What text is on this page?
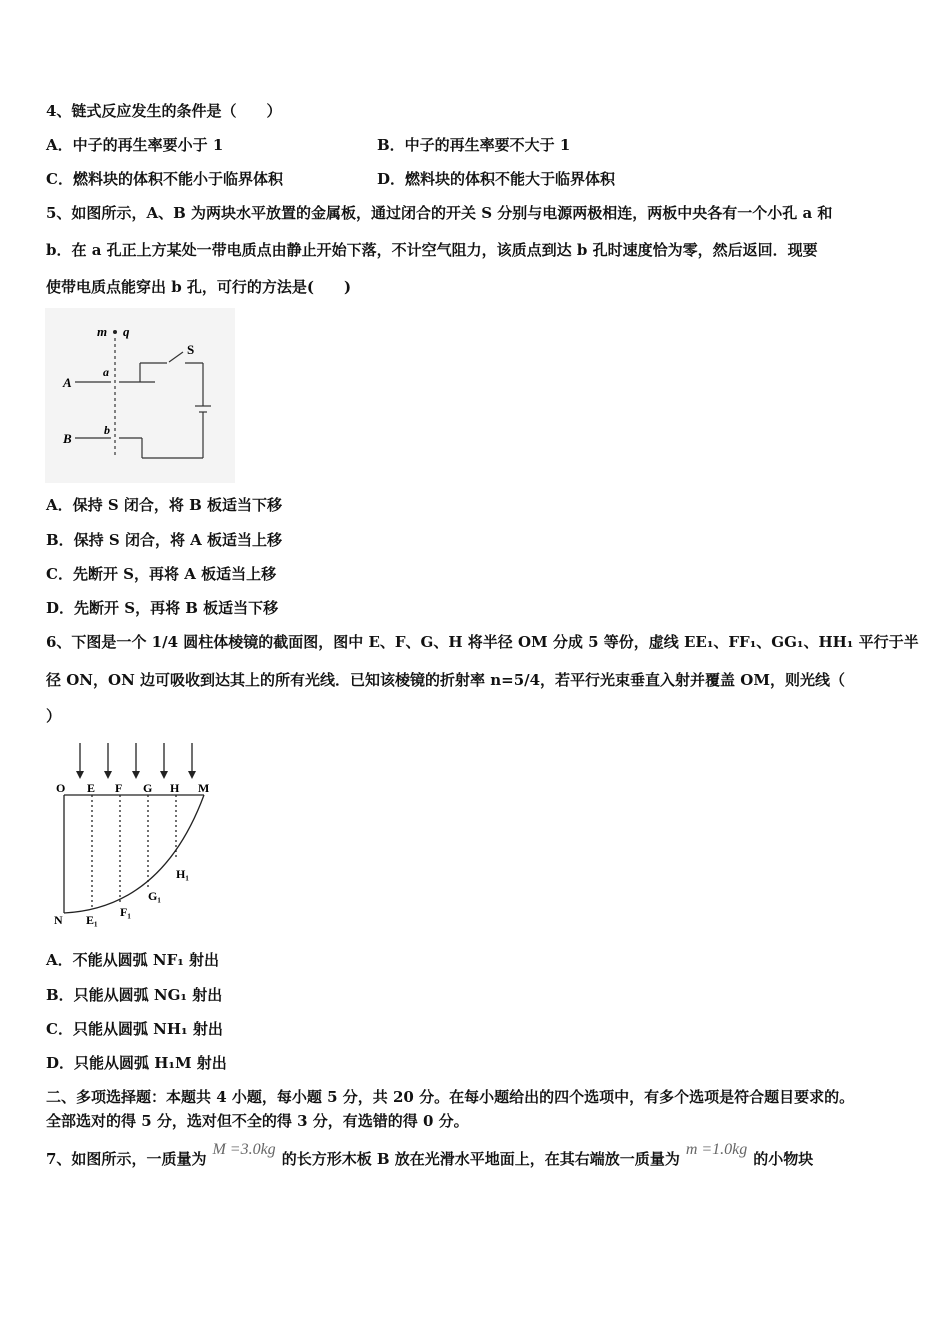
4、链式反应发生的条件是（　　）
A．中子的再生率要小于 1	B．中子的再生率要不大于 1
C．燃料块的体积不能小于临界体积	D．燃料块的体积不能大于临界体积
5、如图所示，A、B 为两块水平放置的金属板，通过闭合的开关 S 分别与电源两极相连，两板中央各有一个小孔 a 和
b．在 a 孔正上方某处一带电质点由静止开始下落，不计空气阻力，该质点到达 b 孔时速度恰为零，然后返回．现要
使带电质点能穿出 b 孔，可行的方法是(　　)
m q
S
A
a
B
b
A．保持 S 闭合，将 B 板适当下移
B．保持 S 闭合，将 A 板适当上移
C．先断开 S，再将 A 板适当上移
D．先断开 S，再将 B 板适当下移
6、下图是一个 1/4 圆柱体棱镜的截面图，图中 E、F、G、H 将半径 OM 分成 5 等份，虚线 EE₁、FF₁、GG₁、HH₁ 平行于半
径 ON，ON 边可吸收到达其上的所有光线．已知该棱镜的折射率 n=5/4，若平行光束垂直入射并覆盖 OM，则光线（
）
O E F G H M
N E₁
F₁
G₁
H₁
A．不能从圆弧 NF₁ 射出
B．只能从圆弧 NG₁ 射出
C．只能从圆弧 NH₁ 射出
D．只能从圆弧 H₁M 射出
二、多项选择题：本题共 4 小题，每小题 5 分，共 20 分。在每小题给出的四个选项中，有多个选项是符合题目要求的。
全部选对的得 5 分，选对但不全的得 3 分，有选错的得 0 分。
7、如图所示，一质量为M =3.0kg的长方形木板 B 放在光滑水平地面上，在其右端放一质量为m =1.0kg的小物块
